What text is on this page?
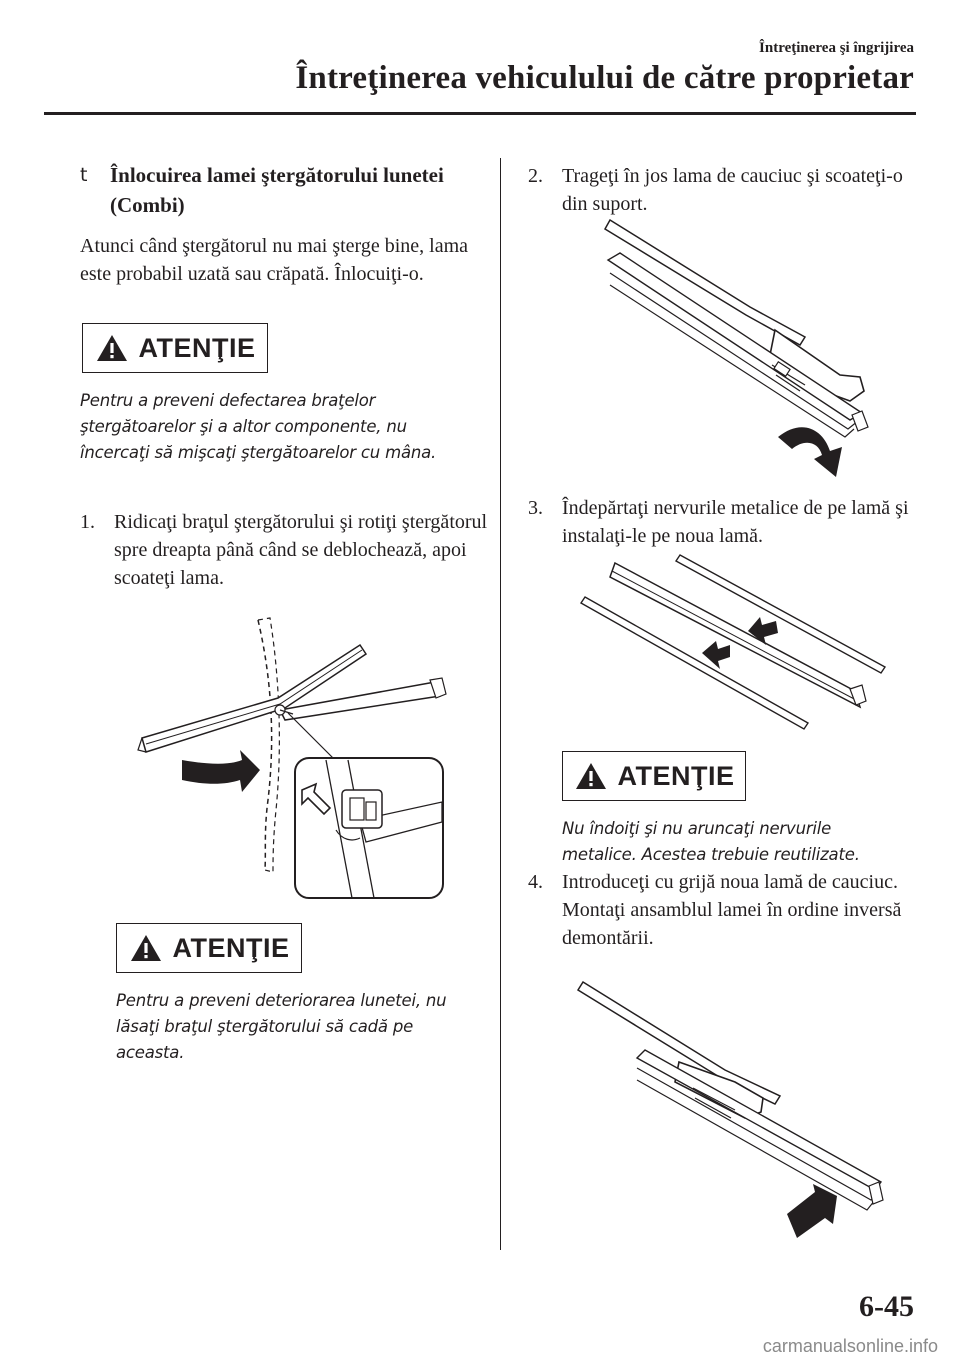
Întreţinerea şi îngrijirea
Întreţinerea vehiculului de către proprietar
t Înlocuirea lamei ştergătorului lunetei (Combi)
Atunci când ştergătorul nu mai şterge bine, lama este probabil uzată sau crăpată. Înlocuiţi-o.
ATENŢIE
Pentru a preveni defectarea braţelor ştergătoarelor şi a altor componente, nu încercaţi să mişcaţi ştergătoarelor cu mâna.
1. Ridicaţi braţul ştergătorului şi rotiţi ştergătorul spre dreapta până când se deblochează, apoi scoateţi lama.
ATENŢIE
Pentru a preveni deteriorarea lunetei, nu lăsaţi braţul ştergătorului să cadă pe aceasta.
2. Trageţi în jos lama de cauciuc şi scoateţi-o din suport.
3. Îndepărtaţi nervurile metalice de pe lamă şi instalaţi-le pe noua lamă.
ATENŢIE
Nu îndoiţi şi nu aruncaţi nervurile metalice. Acestea trebuie reutilizate.
4. Introduceţi cu grijă noua lamă de cauciuc.
Montaţi ansamblul lamei în ordine inversă demontării.
6-45
carmanualsonline.info
